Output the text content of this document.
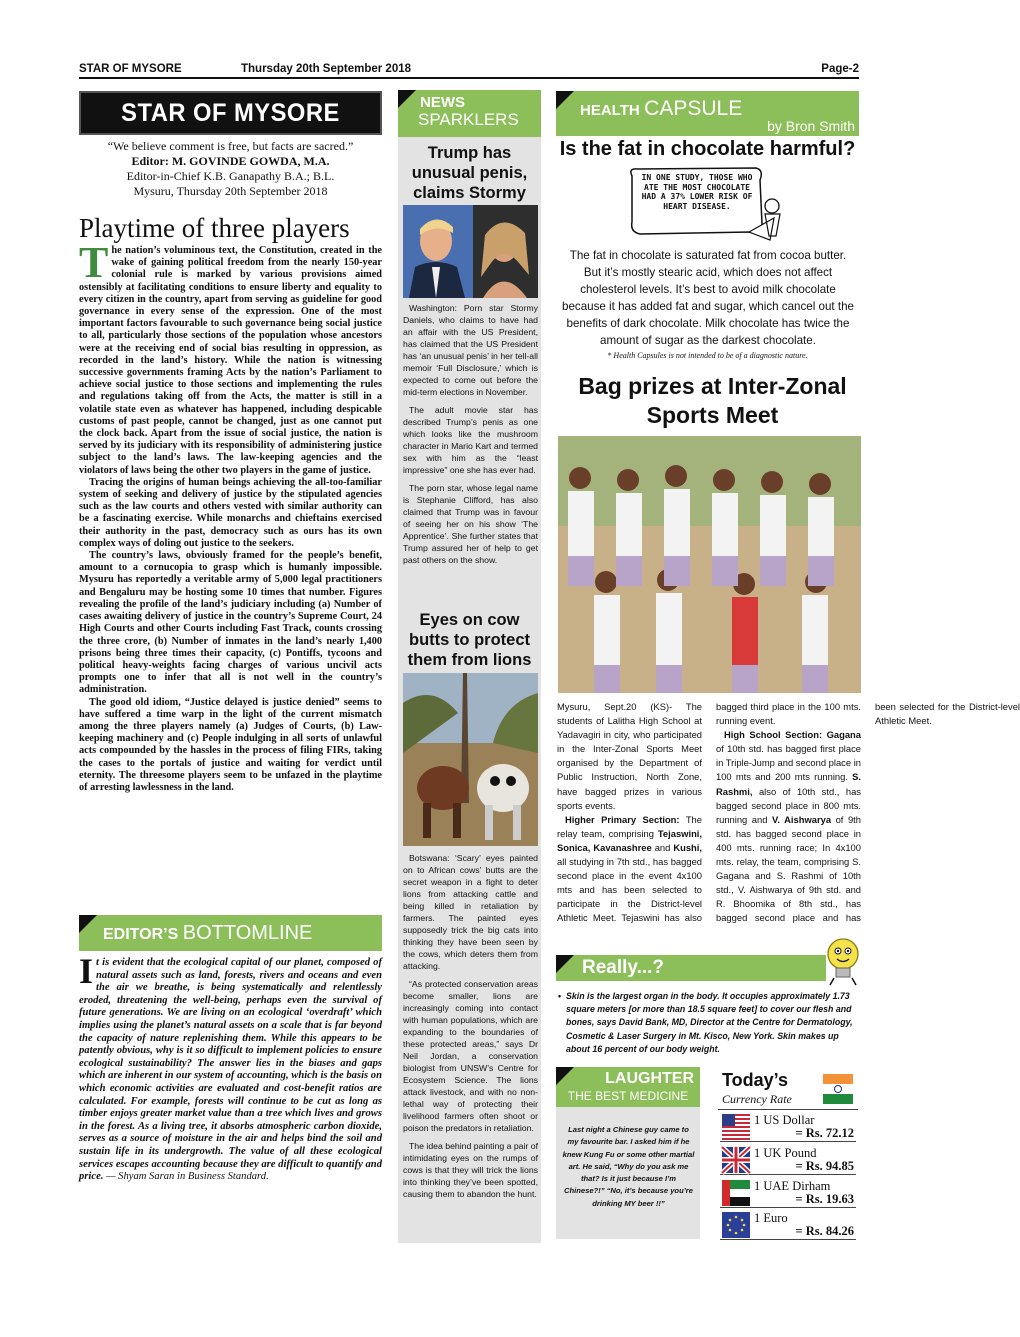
STAR OF MYSORE	Thursday 20th September 2018	Page-2
STAR OF MYSORE
“We believe comment is free, but facts are sacred.”
Editor: M. GOVINDE GOWDA, M.A.
Editor-in-Chief K.B. Ganapathy B.A.; B.L.
Mysuru, Thursday 20th September 2018
Playtime of three players

The nation’s voluminous text, the Constitution, created in the wake of gaining political freedom from the nearly 150-year colonial rule is marked by various provisions aimed ostensibly at facilitating conditions to ensure liberty and equality to every citizen in the country, apart from serving as guideline for good governance in every sense of the expression. One of the most important factors favourable to such governance being social justice to all, particularly those sections of the population whose ancestors were at the receiving end of social bias resulting in oppression, as recorded in the land’s history. While the nation is witnessing successive governments framing Acts by the nation’s Parliament to achieve social justice to those sections and implementing the rules and regulations taking off from the Acts, the matter is still in a volatile state even as whatever has happened, including despicable customs of past people, cannot be changed, just as one cannot put the clock back. Apart from the issue of social justice, the nation is served by its judiciary with its responsibility of administering justice subject to the land’s laws. The law-keeping agencies and the violators of laws being the other two players in the game of justice.

Tracing the origins of human beings achieving the all-too-familiar system of seeking and delivery of justice by the stipulated agencies such as the law courts and others vested with similar authority can be a fascinating exercise. While monarchs and chieftains exercised their authority in the past, democracy such as ours has its own complex ways of doling out justice to the seekers.

The country’s laws, obviously framed for the people’s benefit, amount to a cornucopia to grasp which is humanly impossible. Mysuru has reportedly a veritable army of 5,000 legal practitioners and Bengaluru may be hosting some 10 times that number. Figures revealing the profile of the land’s judiciary including (a) Number of cases awaiting delivery of justice in the country’s Supreme Court, 24 High Courts and other Courts including Fast Track, counts crossing the three crore, (b) Number of inmates in the land’s nearly 1,400 prisons being three times their capacity, (c) Pontiffs, tycoons and political heavy-weights facing charges of various uncivil acts prompts one to infer that all is not well in the country’s administration.

The good old idiom, “Justice delayed is justice denied” seems to have suffered a time warp in the light of the current mismatch among the three players namely (a) Judges of Courts, (b) Law-keeping machinery and (c) People indulging in all sorts of unlawful acts compounded by the hassles in the process of filing FIRs, taking the cases to the portals of justice and waiting for verdict until eternity. The threesome players seem to be unfazed in the playtime of arresting lawlessness in the land.

EDITOR’S BOTTOMLINE

It is evident that the ecological capital of our planet, composed of natural assets such as land, forests, rivers and oceans and even the air we breathe, is being systematically and relentlessly eroded, threatening the well-being, perhaps even the survival of future generations. We are living on an ecological ‘overdraft’ which implies using the planet’s natural assets on a scale that is far beyond the capacity of nature replenishing them. While this appears to be patently obvious, why is it so difficult to implement policies to ensure ecological sustainability? The answer lies in the biases and gaps which are inherent in our system of accounting, which is the basis on which economic activities are evaluated and cost-benefit ratios are calculated. For example, forests will continue to be cut as long as timber enjoys greater market value than a tree which lives and grows in the forest. As a living tree, it absorbs atmospheric carbon dioxide, serves as a source of moisture in the air and helps bind the soil and sustain life in its undergrowth. The value of all these ecological services escapes accounting because they are difficult to quantify and price. — Shyam Saran in Business Standard.

NEWS
SPARKLERS
Trump has unusual penis, claims Stormy

Washington: Porn star Stormy Daniels, who claims to have had an affair with the US President, has claimed that the US President has ‘an unusual penis’ in her tell-all memoir ‘Full Disclosure,’ which is expected to come out before the mid-term elections in November.

The adult movie star has described Trump’s penis as one which looks like the mushroom character in Mario Kart and termed sex with him as the “least impressive” one she has ever had.

The porn star, whose legal name is Stephanie Clifford, has also claimed that Trump was in favour of seeing her on his show ‘The Apprentice’. She further states that Trump assured her of help to get past others on the show.

Eyes on cow butts to protect them from lions

Botswana: ‘Scary’ eyes painted on to African cows’ butts are the secret weapon in a fight to deter lions from attacking cattle and being killed in retaliation by farmers. The painted eyes supposedly trick the big cats into thinking they have been seen by the cows, which deters them from attacking.

“As protected conservation areas become smaller, lions are increasingly coming into contact with human populations, which are expanding to the boundaries of these protected areas,” says Dr Neil Jordan, a conservation biologist from UNSW’s Centre for Ecosystem Science. The lions attack livestock, and with no non-lethal way of protecting their livelihood farmers often shoot or poison the predators in retaliation.

The idea behind painting a pair of intimidating eyes on the rumps of cows is that they will trick the lions into thinking they’ve been spotted, causing them to abandon the hunt.

HEALTH CAPSULE
by Bron Smith
Is the fat in chocolate harmful?
IN ONE STUDY, THOSE WHO ATE THE MOST CHOCOLATE HAD A 37% LOWER RISK OF HEART DISEASE.
The fat in chocolate is saturated fat from cocoa butter. But it’s mostly stearic acid, which does not affect cholesterol levels. It’s best to avoid milk chocolate because it has added fat and sugar, which cancel out the benefits of dark chocolate. Milk chocolate has twice the amount of sugar as the darkest chocolate.
* Health Capsules is not intended to be of a diagnostic nature.
Bag prizes at Inter-Zonal Sports Meet

Mysuru, Sept.20 (KS)- The students of Lalitha High School at Yadavagiri in city, who participated in the Inter-Zonal Sports Meet organised by the Department of Public Instruction, North Zone, have bagged prizes in various sports events.

Higher Primary Section: The relay team, comprising Tejaswini, Sonica, Kavanashree and Kushi, all studying in 7th std., has bagged second place in the event 4x100 mts and has been selected to participate in the District-level Athletic Meet. Tejaswini has also bagged third place in the 100 mts. running event.

High School Section: Gagana of 10th std. has bagged first place in Triple-Jump and second place in 100 mts and 200 mts running. S. Rashmi, also of 10th std., has bagged second place in 800 mts. running and V. Aishwarya of 9th std. has bagged second place in 400 mts. running race; In 4x100 mts. relay, the team, comprising S. Gagana and S. Rashmi of 10th std., V. Aishwarya of 9th std. and R. Bhoomika of 8th std., has bagged second place and has been selected for the District-level Athletic Meet.

Really...?
• Skin is the largest organ in the body. It occupies approximately 1.73 square meters [or more than 18.5 square feet] to cover our flesh and bones, says David Bank, MD, Director at the Centre for Dermatology, Cosmetic & Laser Surgery in Mt. Kisco, New York. Skin makes up about 16 percent of our body weight.
LAUGHTER
THE BEST MEDICINE
Last night a Chinese guy came to my favourite bar. I asked him if he knew Kung Fu or some other martial art. He said, “Why do you ask me that? Is it just because I’m Chinese?!” “No, it’s because you’re drinking MY beer !!”
Today’s
Currency Rate
1 US Dollar
= Rs. 72.12
1 UK Pound
= Rs. 94.85
1 UAE Dirham
= Rs. 19.63
1 Euro
= Rs. 84.26
